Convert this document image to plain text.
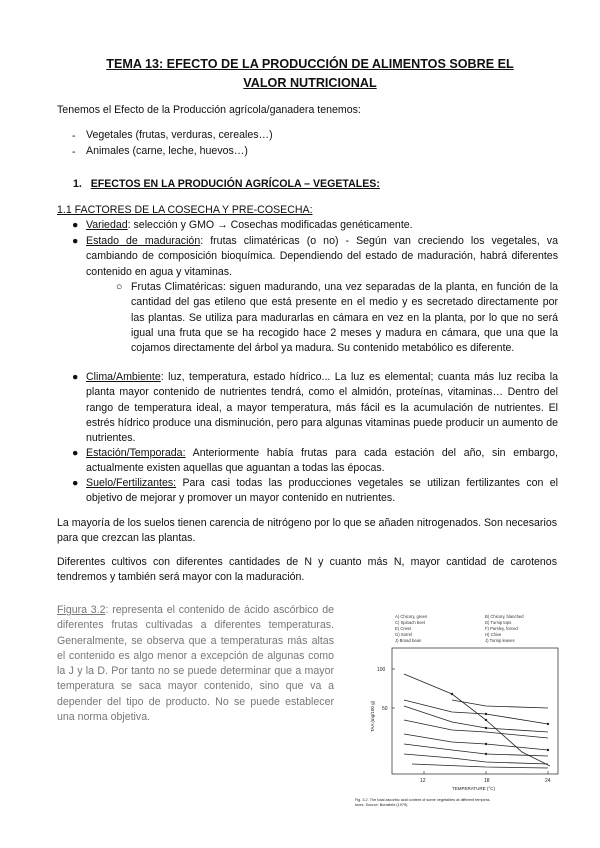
TEMA 13: EFECTO DE LA PRODUCCIÓN DE ALIMENTOS SOBRE EL
VALOR NUTRICIONAL
Tenemos el Efecto de la Producción agrícola/ganadera tenemos:
- Vegetales (frutas, verduras, cereales…)
- Animales (carne, leche, huevos…)
1. EFECTOS EN LA PRODUCIÓN AGRÍCOLA – VEGETALES:
1.1 FACTORES DE LA COSECHA Y PRE-COSECHA:
● Variedad: selección y GMO → Cosechas modificadas genéticamente.
● Estado de maduración: frutas climatéricas (o no) - Según van creciendo los vegetales, va cambiando de composición bioquímica. Dependiendo del estado de maduración, habrá diferentes contenido en agua y vitaminas.
○ Frutas Climatéricas: siguen madurando, una vez separadas de la planta, en función de la cantidad del gas etileno que está presente en el medio y es secretado directamente por las plantas. Se utiliza para madurarlas en cámara en vez en la planta, por lo que no será igual una fruta que se ha recogido hace 2 meses y madura en cámara, que una que la cojamos directamente del árbol ya madura. Su contenido metabólico es diferente.
● Clima/Ambiente: luz, temperatura, estado hídrico... La luz es elemental; cuanta más luz reciba la planta mayor contenido de nutrientes tendrá, como el almidón, proteínas, vitaminas… Dentro del rango de temperatura ideal, a mayor temperatura, más fácil es la acumulación de nutrientes. El estrés hídrico produce una disminución, pero para algunas vitaminas puede producir un aumento de nutrientes.
● Estación/Temporada: Anteriormente había frutas para cada estación del año, sin embargo, actualmente existen aquellas que aguantan a todas las épocas.
● Suelo/Fertilizantes: Para casi todas las producciones vegetales se utilizan fertilizantes con el objetivo de mejorar y promover un mayor contenido en nutrientes.
La mayoría de los suelos tienen carencia de nitrógeno por lo que se añaden nitrogenados. Son necesarios para que crezcan las plantas.
Diferentes cultivos con diferentes cantidades de N y cuanto más N, mayor cantidad de carotenos tendremos y también será mayor con la maduración.
Figura 3.2: representa el contenido de ácido ascórbico de diferentes frutas cultivadas a diferentes temperaturas. Generalmente, se observa que a temperaturas más altas el contenido es algo menor a excepción de algunas como la J y la D. Por tanto no se puede determinar que a mayor temperatura se saca mayor contenido, sino que va a depender del tipo de producto. No se puede establecer una norma objetiva.
A) Chicory, green
C) Spinach beet
E) Cress
G) Sorrel
J) Broad bean
B) Chicory, blanched
D) Turnip tops
F) Parsley, forced
H) Chive
J) Turnip leaves
50
100
12	18	24
TEMPERATURE (°C)
TAA (mg/100 g)
Fig. 3.2. The total ascorbic acid content of some vegetables at different tempera-
tures. Source: Bonsfield (1979).
